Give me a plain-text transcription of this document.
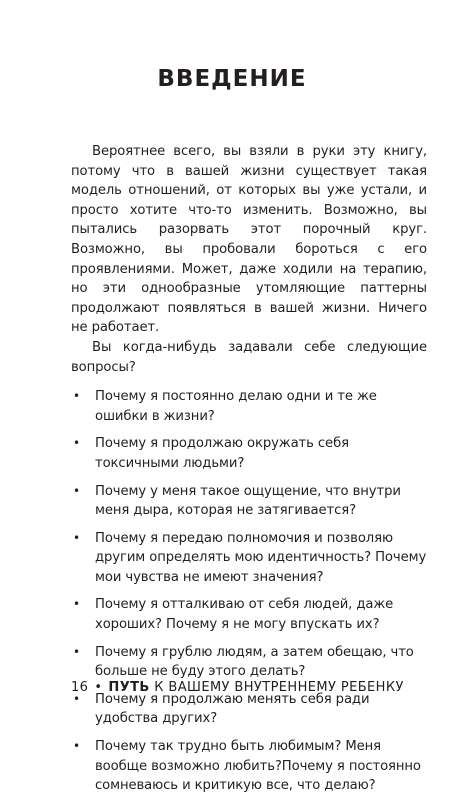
ВВЕДЕНИЕ

Вероятнее всего, вы взяли в руки эту книгу, потому что в вашей жизни существует такая модель отношений, от которых вы уже устали, и просто хотите что-то изменить. Возможно, вы пытались разорвать этот порочный круг. Возможно, вы пробовали бороться с его проявлениями. Может, даже ходили на терапию, но эти однообразные утомляющие паттерны продолжают появляться в вашей жизни. Ничего не работает.

Вы когда-нибудь задавали себе следующие вопросы?

• Почему я постоянно делаю одни и те же ошибки в жизни?
• Почему я продолжаю окружать себя токсичными людьми?
• Почему у меня такое ощущение, что внутри меня дыра, которая не затягивается?
• Почему я передаю полномочия и позволяю другим определять мою идентичность? Почему мои чувства не имеют значения?
• Почему я отталкиваю от себя людей, даже хороших? Почему я не могу впускать их?
• Почему я грублю людям, а затем обещаю, что больше не буду этого делать?
• Почему я продолжаю менять себя ради удобства других?
• Почему так трудно быть любимым? Меня вообще возможно любить?Почему я постоянно сомневаюсь и критикую все, что делаю?
16 • ПУТЬ К ВАШЕМУ ВНУТРЕННЕМУ РЕБЕНКУ
